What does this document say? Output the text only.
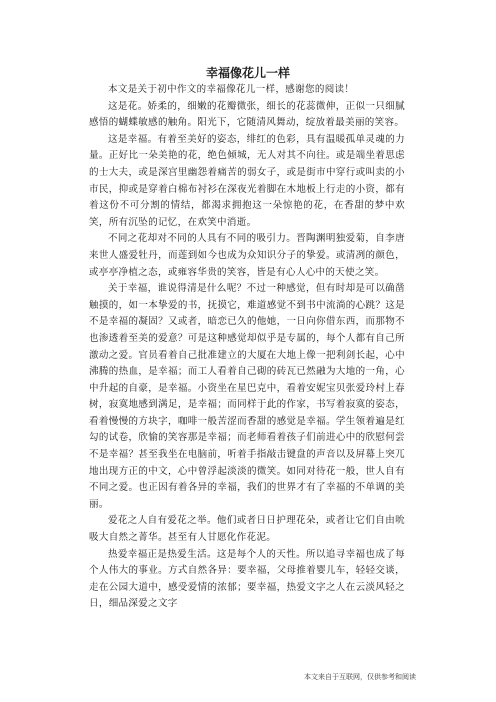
幸福像花儿一样

本文是关于初中作文的幸福像花儿一样，感谢您的阅读！

这是花。娇柔的，细嫩的花瓣微张，细长的花蕊微伸，正似一只细腻感悟的蝴蝶敏感的触角。阳光下，它随清风舞动，绽放着最美丽的笑容。

这是幸福。有着至美好的姿态，绯红的色彩，具有温暖孤单灵魂的力量。正好比一朵美艳的花，绝色倾城，无人对其不向往。或是端坐着思虑的士大夫，或是深宫里幽怨着痛苦的弱女子，或是街市中穿行或叫卖的小市民，抑或是穿着白棉布衬衫在深夜光着脚在木地板上行走的小资，都有着这份不可分割的情结，都渴求拥抱这一朵惊艳的花，在香甜的梦中欢笑，所有沉坠的记忆，在欢笑中消逝。

不同之花却对不同的人具有不同的吸引力。晋陶渊明独爱菊，自李唐来世人盛爱牡丹，而莲到如今也成为众知识分子的挚爱。或清冽的颜色，或亭亭净植之态，或雍容华贵的笑容，皆是有心人心中的天使之笑。

关于幸福，谁说得清是什么呢？不过一种感觉，但有时却是可以确凿触摸的，如一本挚爱的书，抚摸它，难道感觉不到书中流淌的心跳？这是不是幸福的凝固？又或者，暗恋已久的他她，一日向你借东西，而那物不也渗透着至美的爱意？可是这种感觉却似乎是专属的，每个人都有自己所激动之爱。官员看着自己批准建立的大厦在大地上像一把利剑长起，心中沸腾的热血，是幸福；而工人看着自己砌的砖瓦已然融为大地的一角，心中升起的自豪，是幸福。小资坐在星巴克中，看着安妮宝贝张爱玲村上春树，寂寞地感到满足，是幸福；而同样于此的作家，书写着寂寞的姿态，看着慢慢的方块字，咖啡一般苦涩而香甜的感觉是幸福。学生领着遍是红勾的试卷，欣愉的笑容那是幸福；而老师看着孩子们前进心中的欣慰何尝不是幸福？甚至我坐在电脑前，听着手指敲击键盘的声音以及屏幕上突兀地出现方正的中文，心中曾浮起淡淡的微笑。如同对待花一般，世人自有不同之爱。也正因有着各异的幸福，我们的世界才有了幸福的不单调的美丽。

爱花之人自有爱花之举。他们或者日日护理花朵，或者让它们自由吮吸大自然之菁华。甚至有人甘愿化作花泥。

热爱幸福正是热爱生活。这是每个人的天性。所以追寻幸福也成了每个人伟大的事业。方式自然各异：要幸福，父母推着婴儿车，轻轻交谈，走在公园大道中，感受爱情的浓郁；要幸福，热爱文字之人在云淡风轻之日，细品深爱之文字

本文来自于互联网，仅供参考和阅读
